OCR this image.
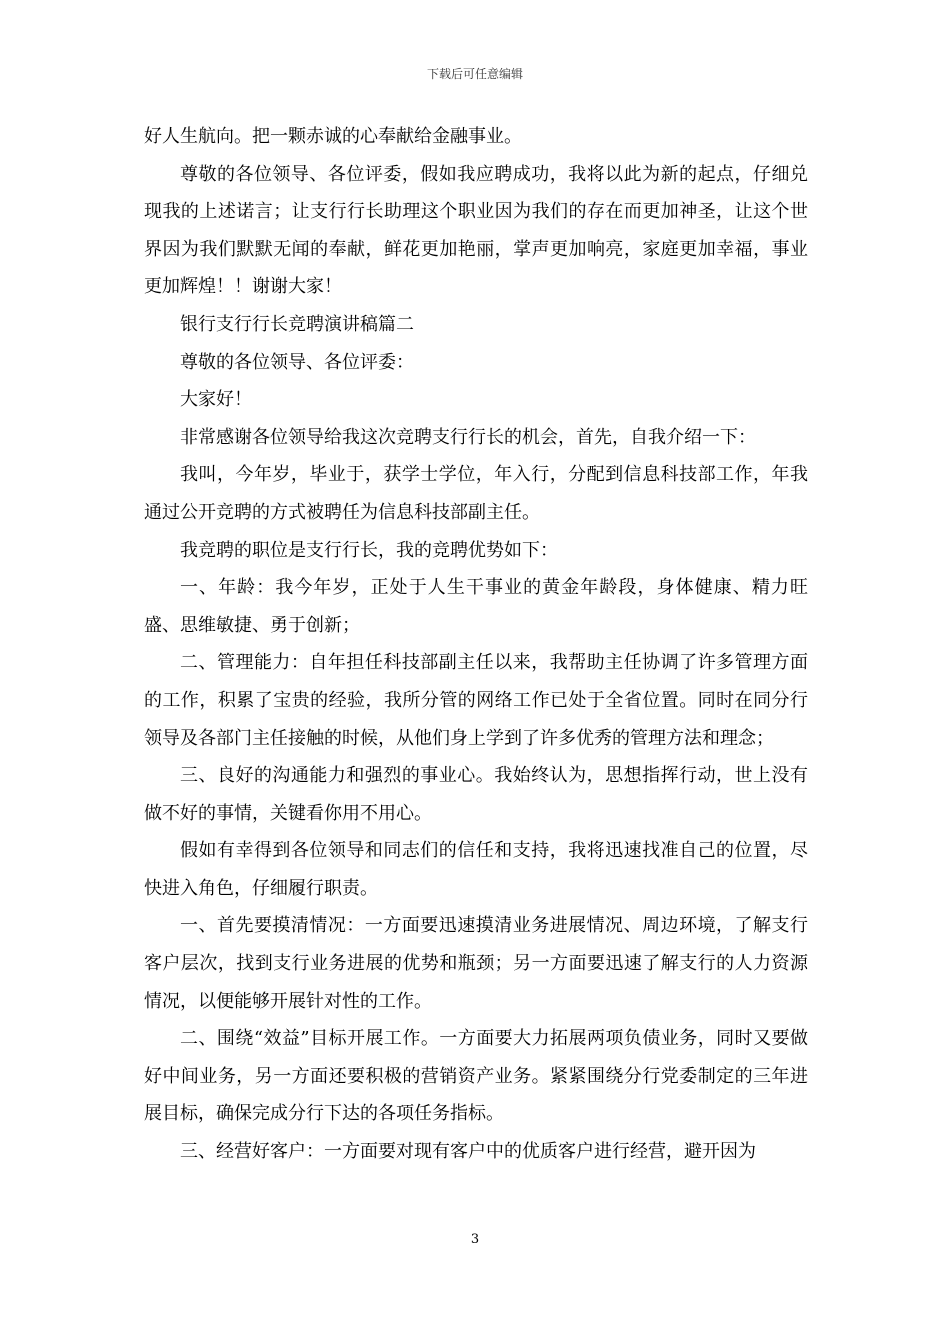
下载后可任意编辑

好人生航向。把一颗赤诚的心奉献给金融事业。

尊敬的各位领导、各位评委，假如我应聘成功，我将以此为新的起点，仔细兑现我的上述诺言；让支行行长助理这个职业因为我们的存在而更加神圣，让这个世界因为我们默默无闻的奉献，鲜花更加艳丽，掌声更加响亮，家庭更加幸福，事业更加辉煌！！谢谢大家！

银行支行行长竞聘演讲稿篇二

尊敬的各位领导、各位评委：

大家好！

非常感谢各位领导给我这次竞聘支行行长的机会，首先，自我介绍一下：

我叫，今年岁，毕业于，获学士学位，年入行，分配到信息科技部工作，年我通过公开竞聘的方式被聘任为信息科技部副主任。

我竞聘的职位是支行行长，我的竞聘优势如下：

一、年龄：我今年岁，正处于人生干事业的黄金年龄段，身体健康、精力旺盛、思维敏捷、勇于创新；

二、管理能力：自年担任科技部副主任以来，我帮助主任协调了许多管理方面的工作，积累了宝贵的经验，我所分管的网络工作已处于全省位置。同时在同分行领导及各部门主任接触的时候，从他们身上学到了许多优秀的管理方法和理念；

三、良好的沟通能力和强烈的事业心。我始终认为，思想指挥行动，世上没有做不好的事情，关键看你用不用心。

假如有幸得到各位领导和同志们的信任和支持，我将迅速找准自己的位置，尽快进入角色，仔细履行职责。

一、首先要摸清情况：一方面要迅速摸清业务进展情况、周边环境，了解支行客户层次，找到支行业务进展的优势和瓶颈；另一方面要迅速了解支行的人力资源情况，以便能够开展针对性的工作。

二、围绕“效益”目标开展工作。一方面要大力拓展两项负债业务，同时又要做好中间业务，另一方面还要积极的营销资产业务。紧紧围绕分行党委制定的三年进展目标，确保完成分行下达的各项任务指标。

三、经营好客户：一方面要对现有客户中的优质客户进行经营，避开因为

3
